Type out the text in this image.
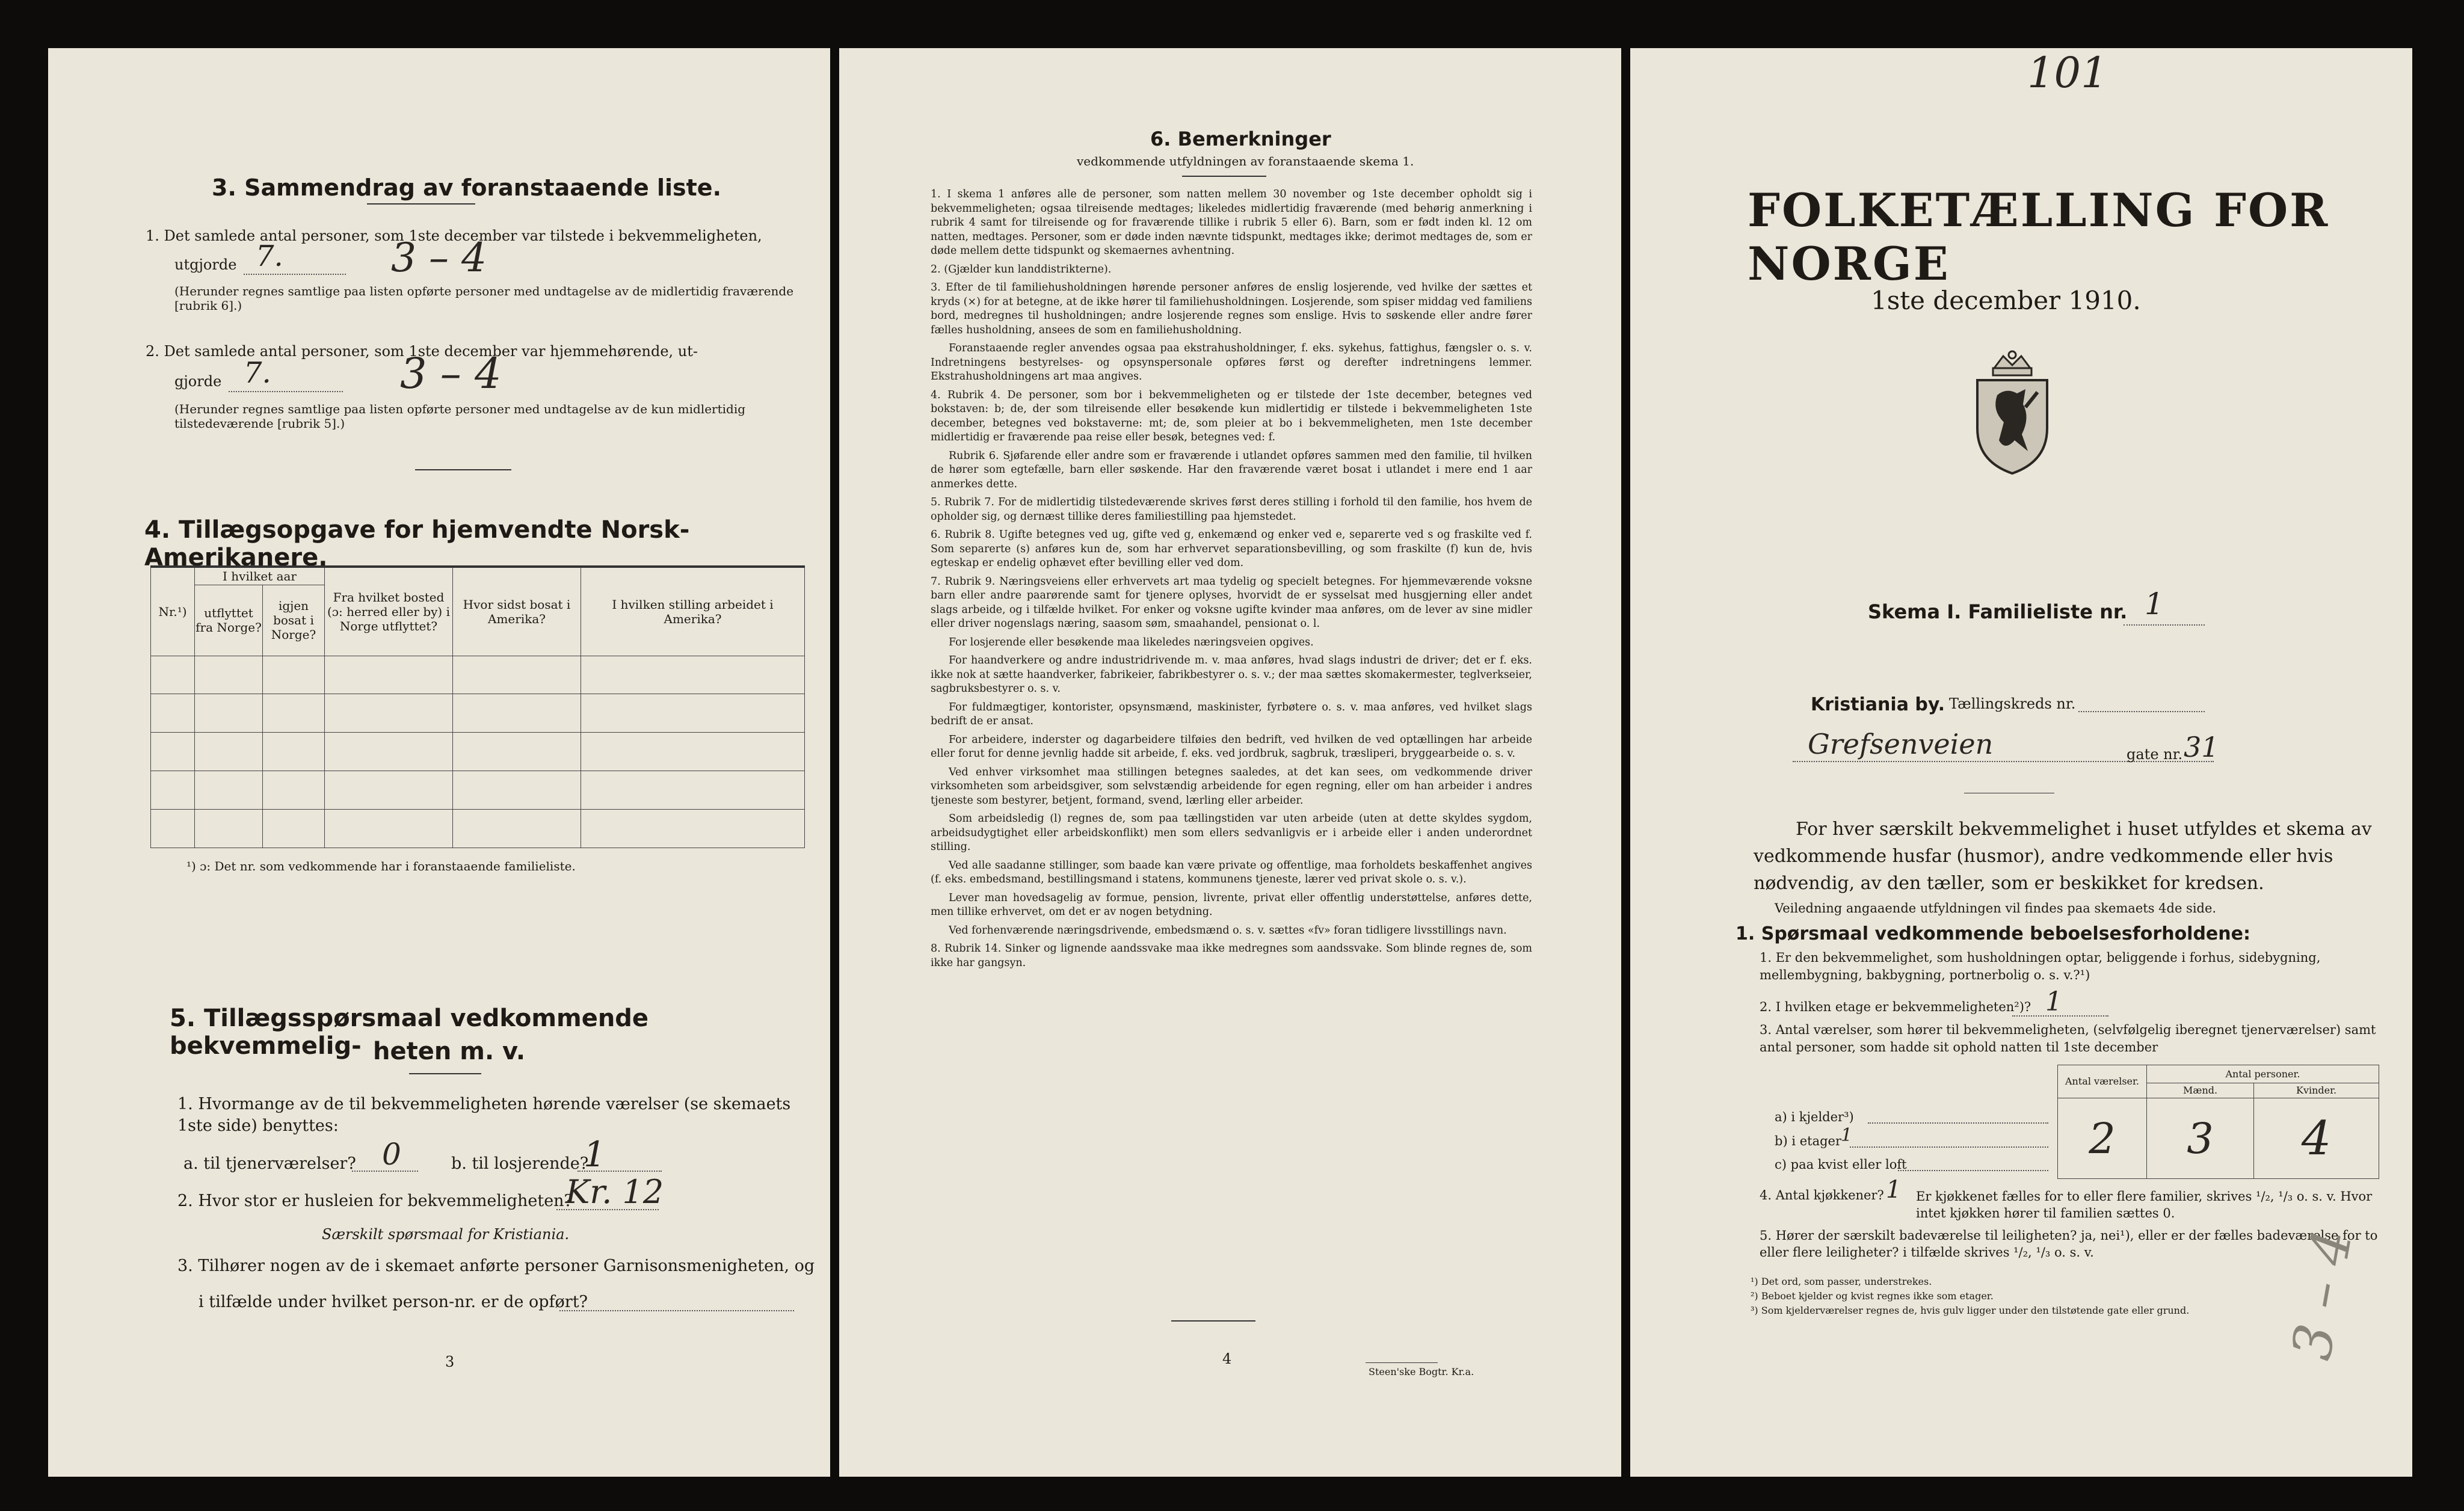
3. Sammendrag av foranstaaende liste.
1. Det samlede antal personer, som 1ste december var tilstede i bekvemmeligheten,
utgjorde 7.	3 – 4
(Herunder regnes samtlige paa listen opførte personer med undtagelse av de midlertidig fraværende [rubrik 6].)
2. Det samlede antal personer, som 1ste december var hjemmehørende, ut-
gjorde 7.	3 – 4
(Herunder regnes samtlige paa listen opførte personer med undtagelse av de kun midlertidig tilstedeværende [rubrik 5].)
4. Tillægsopgave for hjemvendte Norsk-Amerikanere.
Nr.¹)	I hvilket aar		Fra hvilket bosted (ɔ: herred eller by) i Norge utflyttet?	Hvor sidst bosat i Amerika?	I hvilken stilling arbeidet i Amerika?
	utflyttet fra Norge?	igjen bosat i Norge?			

¹) ɔ: Det nr. som vedkommende har i foranstaaende familieliste.
5. Tillægsspørsmaal vedkommende bekvemmelig- heten m. v.
1. Hvormange av de til bekvemmeligheten hørende værelser (se skemaets 1ste side) benyttes:
a. til tjenerværelser? 0	b. til losjerende?
1
2. Hvor stor er husleien for bekvemmeligheten?
Kr. 12
Særskilt spørsmaal for Kristiania.
3. Tilhører nogen av de i skemaet anførte personer Garnisonsmenigheten, og
i tilfælde under hvilket person-nr. er de opført?
3
6. Bemerkninger
vedkommende utfyldningen av foranstaaende skema 1.
1. I skema 1 anføres alle de personer, som natten mellem 30 november og 1ste december opholdt sig i bekvemmeligheten; ogsaa tilreisende medtages; likeledes midlertidig fraværende (med behørig anmerkning i rubrik 4 samt for tilreisende og for fraværende tillike i rubrik 5 eller 6). Barn, som er født inden kl. 12 om natten, medtages. Personer, som er døde inden nævnte tidspunkt, medtages ikke; derimot medtages de, som er døde mellem dette tidspunkt og skemaernes avhentning.
2. (Gjælder kun landdistrikterne).
3. Efter de til familiehusholdningen hørende personer anføres de enslig losjerende, ved hvilke der sættes et kryds (×) for at betegne, at de ikke hører til familiehusholdningen. Losjerende, som spiser middag ved familiens bord, medregnes til husholdningen; andre losjerende regnes som enslige. Hvis to søskende eller andre fører fælles husholdning, ansees de som en familiehusholdning.
Foranstaaende regler anvendes ogsaa paa ekstrahusholdninger, f. eks. sykehus, fattighus, fængsler o. s. v. Indretningens bestyrelses- og opsynspersonale opføres først og derefter indretningens lemmer. Ekstrahusholdningens art maa angives.
4. Rubrik 4. De personer, som bor i bekvemmeligheten og er tilstede der 1ste december, betegnes ved bokstaven: b; de, der som tilreisende eller besøkende kun midlertidig er tilstede i bekvemmeligheten 1ste december, betegnes ved bokstaverne: mt; de, som pleier at bo i bekvemmeligheten, men 1ste december midlertidig er fraværende paa reise eller besøk, betegnes ved: f.
Rubrik 6. Sjøfarende eller andre som er fraværende i utlandet opføres sammen med den familie, til hvilken de hører som egtefælle, barn eller søskende. Har den fraværende været bosat i utlandet i mere end 1 aar anmerkes dette.
5. Rubrik 7. For de midlertidig tilstedeværende skrives først deres stilling i forhold til den familie, hos hvem de opholder sig, og dernæst tillike deres familiestilling paa hjemstedet.
6. Rubrik 8. Ugifte betegnes ved ug, gifte ved g, enkemænd og enker ved e, separerte ved s og fraskilte ved f. Som separerte (s) anføres kun de, som har erhvervet separationsbevilling, og som fraskilte (f) kun de, hvis egteskap er endelig ophævet efter bevilling eller ved dom.
7. Rubrik 9. Næringsveiens eller erhvervets art maa tydelig og specielt betegnes. For hjemmeværende voksne barn eller andre paarørende samt for tjenere oplyses, hvorvidt de er sysselsat med husgjerning eller andet slags arbeide, og i tilfælde hvilket. For enker og voksne ugifte kvinder maa anføres, om de lever av sine midler eller driver nogenslags næring, saasom søm, smaahandel, pensionat o. l.
For losjerende eller besøkende maa likeledes næringsveien opgives.
For haandverkere og andre industridrivende m. v. maa anføres, hvad slags industri de driver; det er f. eks. ikke nok at sætte haandverker, fabrikeier, fabrikbestyrer o. s. v.; der maa sættes skomakermester, teglverkseier, sagbruksbestyrer o. s. v.
For fuldmægtiger, kontorister, opsynsmænd, maskinister, fyrbøtere o. s. v. maa anføres, ved hvilket slags bedrift de er ansat.
For arbeidere, inderster og dagarbeidere tilføies den bedrift, ved hvilken de ved optællingen har arbeide eller forut for denne jevnlig hadde sit arbeide, f. eks. ved jordbruk, sagbruk, træsliperi, bryggearbeide o. s. v.
Ved enhver virksomhet maa stillingen betegnes saaledes, at det kan sees, om vedkommende driver virksomheten som arbeidsgiver, som selvstændig arbeidende for egen regning, eller om han arbeider i andres tjeneste som bestyrer, betjent, formand, svend, lærling eller arbeider.
Som arbeidsledig (l) regnes de, som paa tællingstiden var uten arbeide (uten at dette skyldes sygdom, arbeidsudygtighet eller arbeidskonflikt) men som ellers sedvanligvis er i arbeide eller i anden underordnet stilling.
Ved alle saadanne stillinger, som baade kan være private og offentlige, maa forholdets beskaffenhet angives (f. eks. embedsmand, bestillingsmand i statens, kommunens tjeneste, lærer ved privat skole o. s. v.).
Lever man hovedsagelig av formue, pension, livrente, privat eller offentlig understøttelse, anføres dette, men tillike erhvervet, om det er av nogen betydning.
Ved forhenværende næringsdrivende, embedsmænd o. s. v. sættes «fv» foran tidligere livsstillings navn.
8. Rubrik 14. Sinker og lignende aandssvake maa ikke medregnes som aandssvake. Som blinde regnes de, som ikke har gangsyn.
4
Steen'ske Bogtr. Kr.a.
101
FOLKETÆLLING FOR NORGE
1ste december 1910.
Skema I. Familieliste nr. 1
Kristiania by. Tællingskreds nr.
Grefsenveien	gate nr. 31
For hver særskilt bekvemmelighet i huset utfyldes et skema av vedkommende husfar (husmor), andre vedkommende eller hvis nødvendig, av den tæller, som er beskikket for kredsen.
Veiledning angaaende utfyldningen vil findes paa skemaets 4de side.
1. Spørsmaal vedkommende beboelsesforholdene:
1. Er den bekvemmelighet, som husholdningen optar, beliggende i forhus, sidebygning, mellembygning, bakbygning, portnerbolig o. s. v.?¹)
2. I hvilken etage er bekvemmeligheten²)? 1
3. Antal værelser, som hører til bekvemmeligheten, (selvfølgelig iberegnet tjenerværelser) samt antal personer, som hadde sit ophold natten til 1ste december
a) i kjelder³)
b) i etager 1
c) paa kvist eller loft
Antal værelser.	Antal personer.	
	Mænd.	Kvinder.
2	3	4
4. Antal kjøkkener? 1 Er kjøkkenet fælles for to eller flere familier, skrives ¹/₂, ¹/₃ o. s. v. Hvor intet kjøkken hører til familien sættes 0.
5. Hører der særskilt badeværelse til leiligheten? ja, nei¹), eller er der fælles badeværelse for to eller flere leiligheter? i tilfælde skrives ¹/₂, ¹/₃ o. s. v.
¹) Det ord, som passer, understrekes.
²) Beboet kjelder og kvist regnes ikke som etager.
³) Som kjelderværelser regnes de, hvis gulv ligger under den tilstøtende gate eller grund. 3 – 4
